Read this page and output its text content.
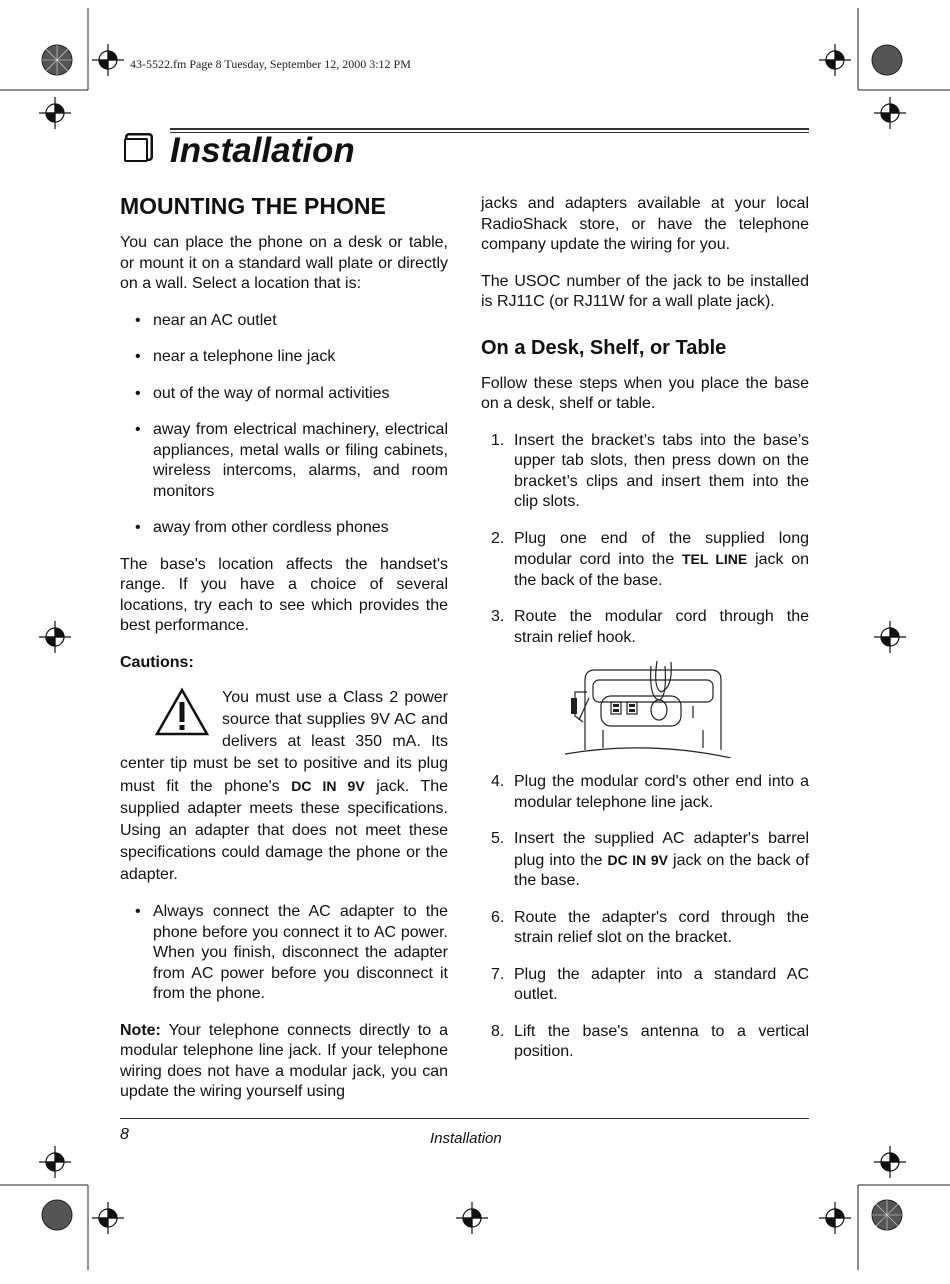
43-5522.fm Page 8 Tuesday, September 12, 2000 3:12 PM
Installation
MOUNTING THE PHONE

You can place the phone on a desk or table, or mount it on a standard wall plate or directly on a wall. Select a location that is:

• near an AC outlet
• near a telephone line jack
• out of the way of normal activities
• away from electrical machinery, electrical appliances, metal walls or filing cabinets, wireless intercoms, alarms, and room monitors
• away from other cordless phones

The base's location affects the handset's range. If you have a choice of several locations, try each to see which provides the best performance.

Cautions:

You must use a Class 2 power source that supplies 9V AC and delivers at least 350 mA. Its center tip must be set to positive and its plug must fit the phone's DC IN 9V jack. The supplied adapter meets these specifications. Using an adapter that does not meet these specifications could damage the phone or the adapter.
• Always connect the AC adapter to the phone before you connect it to AC power. When you finish, disconnect the adapter from AC power before you disconnect it from the phone.

Note: Your telephone connects directly to a modular telephone line jack. If your telephone wiring does not have a modular jack, you can update the wiring yourself using

jacks and adapters available at your local RadioShack store, or have the telephone company update the wiring for you.

The USOC number of the jack to be installed is RJ11C (or RJ11W for a wall plate jack).

On a Desk, Shelf, or Table

Follow these steps when you place the base on a desk, shelf or table.

1. Insert the bracket’s tabs into the base’s upper tab slots, then press down on the bracket’s clips and insert them into the clip slots.
2. Plug one end of the supplied long modular cord into the TEL LINE jack on the back of the base.
3. Route the modular cord through the strain relief hook.
4. Plug the modular cord's other end into a modular telephone line jack.
5. Insert the supplied AC adapter's barrel plug into the DC IN 9V jack on the back of the base.
6. Route the adapter's cord through the strain relief slot on the bracket.
7. Plug the adapter into a standard AC outlet.
8. Lift the base's antenna to a vertical position.
8	Installation
